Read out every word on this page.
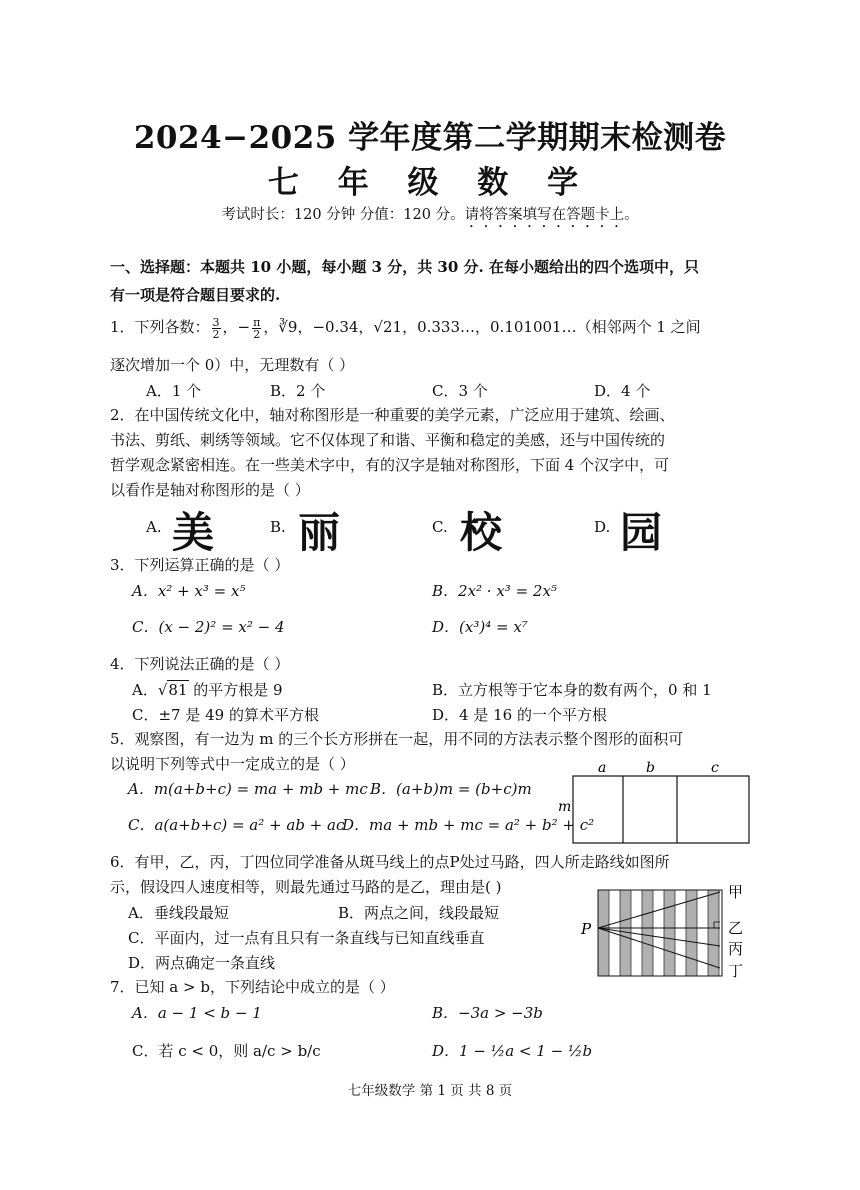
2024−2025 学年度第二学期期末检测卷
七 年 级 数 学
考试时长：120 分钟 分值：120 分。请将答案填写在答题卡上。
一、选择题：本题共 10 小题，每小题 3 分，共 30 分. 在每小题给出的四个选项中，只
有一项是符合题目要求的.
1．下列各数： $\frac{3}{2}$ ，− $\frac{\pi}{2}$ ，∛9，−0.34，√21，0.333…，0.101001…（相邻两个 1 之间
逐次增加一个 0）中，无理数有（ ）
A．1 个	B．2 个	C．3 个	D．4 个
2．在中国传统文化中，轴对称图形是一种重要的美学元素，广泛应用于建筑、绘画、
书法、剪纸、刺绣等领域。它不仅体现了和谐、平衡和稳定的美感，还与中国传统的
哲学观念紧密相连。在一些美术字中，有的汉字是轴对称图形，下面 4 个汉字中，可
以看作是轴对称图形的是（ ）
A. 美	B. 丽	C. 校	D. 园
3．下列运算正确的是（ ）
A．x² + x³ = x⁵	B．2x² · x³ = 2x⁵
C．(x − 2)² = x² − 4	D．(x³)⁴ = x⁷
4．下列说法正确的是（ ）
A．√81 的平方根是 9	B．立方根等于它本身的数有两个，0 和 1
C．±7 是 49 的算术平方根	D．4 是 16 的一个平方根
5．观察图，有一边为 m 的三个长方形拼在一起，用不同的方法表示整个图形的面积可
以说明下列等式中一定成立的是（ ）
A．m(a+b+c) = ma + mb + mc B．(a+b)m = (b+c)m
C．a(a+b+c) = a² + ab + ac
D．ma + mb + mc = a² + b² + c²
a	b	c
m
6．有甲，乙，丙，丁四位同学准备从斑马线上的点P处过马路，四人所走路线如图所
示，假设四人速度相等，则最先通过马路的是乙，理由是( )
A．垂线段最短	B．两点之间，线段最短
C．平面内，过一点有且只有一条直线与已知直线垂直
D．两点确定一条直线
P
甲
乙
丙
丁
7．已知 a > b，下列结论中成立的是（ ）
A．a − 1 < b − 1	B．−3a > −3b
C．若 c < 0，则 a/c > b/c	D．1 − ½a < 1 − ½b
七年级数学 第 1 页 共 8 页
